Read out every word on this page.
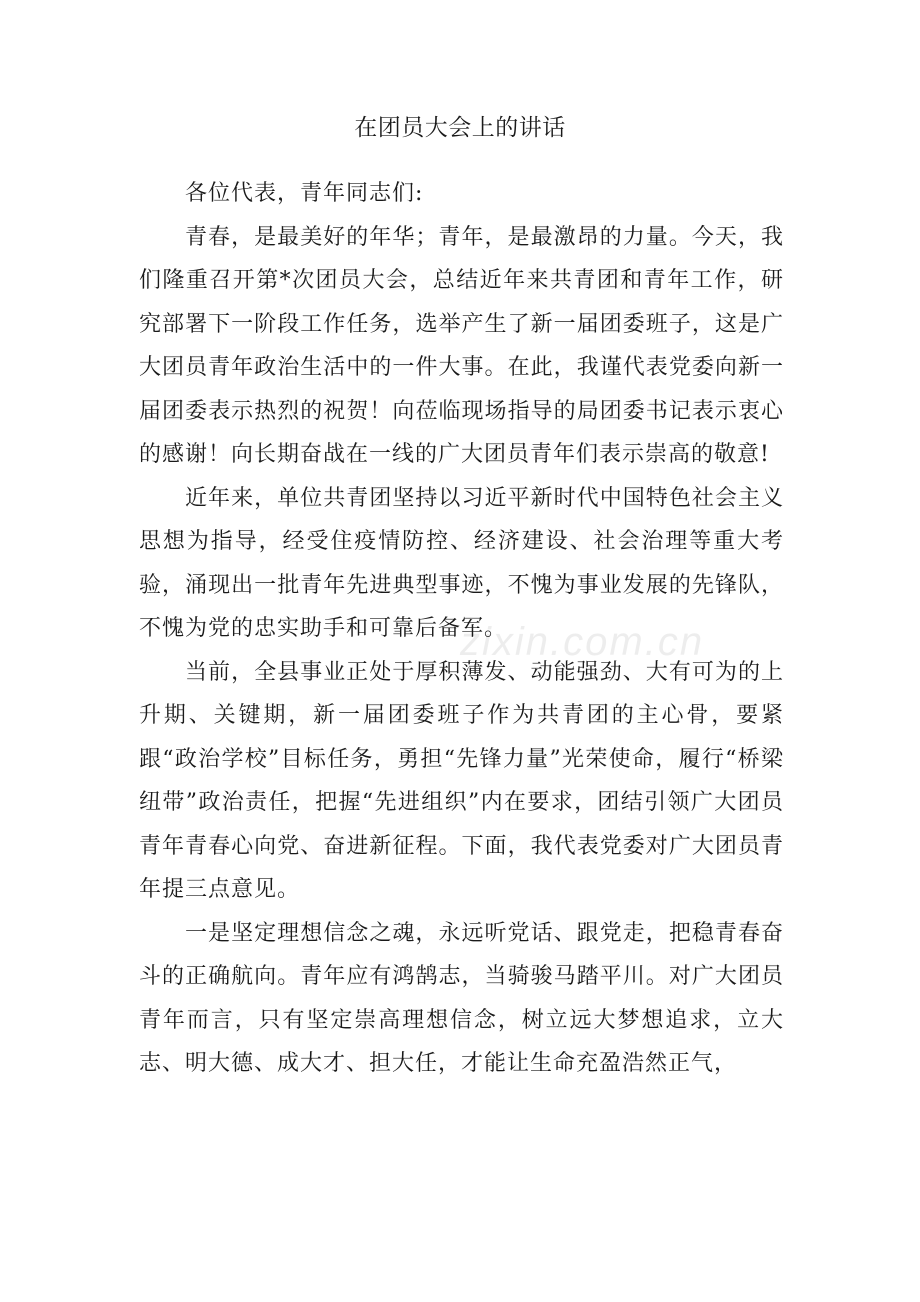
在团员大会上的讲话
zixin.com.cn

各位代表，青年同志们:

青春，是最美好的年华；青年，是最激昂的力量。今天，我们隆重召开第*次团员大会，总结近年来共青团和青年工作，研究部署下一阶段工作任务，选举产生了新一届团委班子，这是广大团员青年政治生活中的一件大事。在此，我谨代表党委向新一届团委表示热烈的祝贺！向莅临现场指导的局团委书记表示衷心的感谢！向长期奋战在一线的广大团员青年们表示崇高的敬意!

近年来，单位共青团坚持以习近平新时代中国特色社会主义思想为指导，经受住疫情防控、经济建设、社会治理等重大考验，涌现出一批青年先进典型事迹，不愧为事业发展的先锋队，不愧为党的忠实助手和可靠后备军。

当前，全县事业正处于厚积薄发、动能强劲、大有可为的上升期、关键期，新一届团委班子作为共青团的主心骨，要紧跟“政治学校”目标任务，勇担“先锋力量”光荣使命，履行“桥梁纽带”政治责任，把握“先进组织”内在要求，团结引领广大团员青年青春心向党、奋进新征程。下面，我代表党委对广大团员青年提三点意见。

一是坚定理想信念之魂，永远听党话、跟党走，把稳青春奋斗的正确航向。青年应有鸿鹄志，当骑骏马踏平川。对广大团员青年而言，只有坚定崇高理想信念，树立远大梦想追求，立大志、明大德、成大才、担大任，才能让生命充盈浩然正气，
